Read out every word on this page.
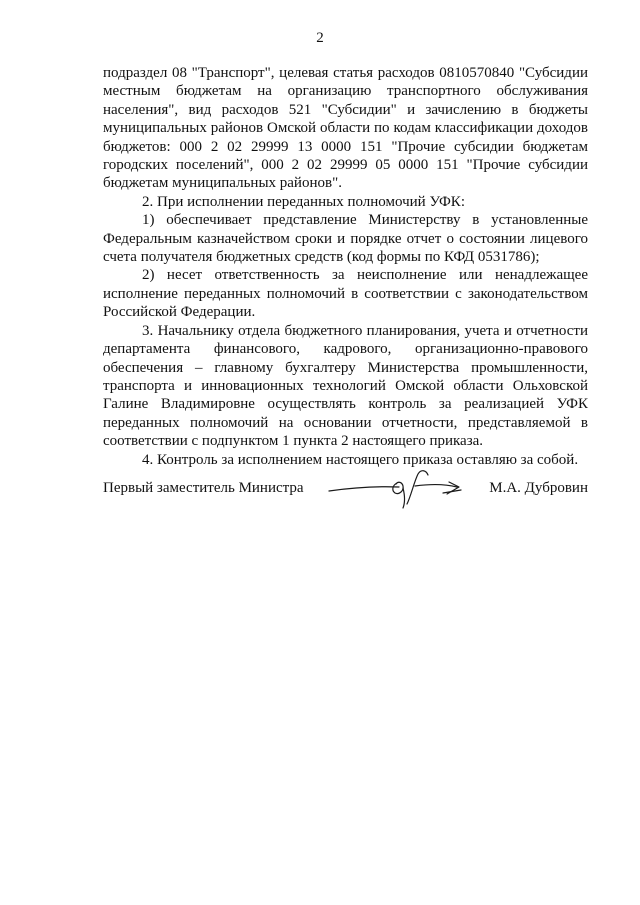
2

подраздел 08 "Транспорт", целевая статья расходов 0810570840 "Субсидии местным бюджетам на организацию транспортного обслуживания населения", вид расходов 521 "Субсидии" и зачислению в бюджеты муниципальных районов Омской области по кодам классификации доходов бюджетов: 000 2 02 29999 13 0000 151 "Прочие субсидии бюджетам городских поселений", 000 2 02 29999 05 0000 151 "Прочие субсидии бюджетам муниципальных районов".

2. При исполнении переданных полномочий УФК:

1) обеспечивает представление Министерству в установленные Федеральным казначейством сроки и порядке отчет о состоянии лицевого счета получателя бюджетных средств (код формы по КФД 0531786);

2) несет ответственность за неисполнение или ненадлежащее исполнение переданных полномочий в соответствии с законодательством Российской Федерации.

3. Начальнику отдела бюджетного планирования, учета и отчетности департамента финансового, кадрового, организационно-правового обеспечения – главному бухгалтеру Министерства промышленности, транспорта и инновационных технологий Омской области Ольховской Галине Владимировне осуществлять контроль за реализацией УФК переданных полномочий на основании отчетности, представляемой в соответствии с подпунктом 1 пункта 2 настоящего приказа.

4. Контроль за исполнением настоящего приказа оставляю за собой.

Первый заместитель Министра	М.А. Дубровин
